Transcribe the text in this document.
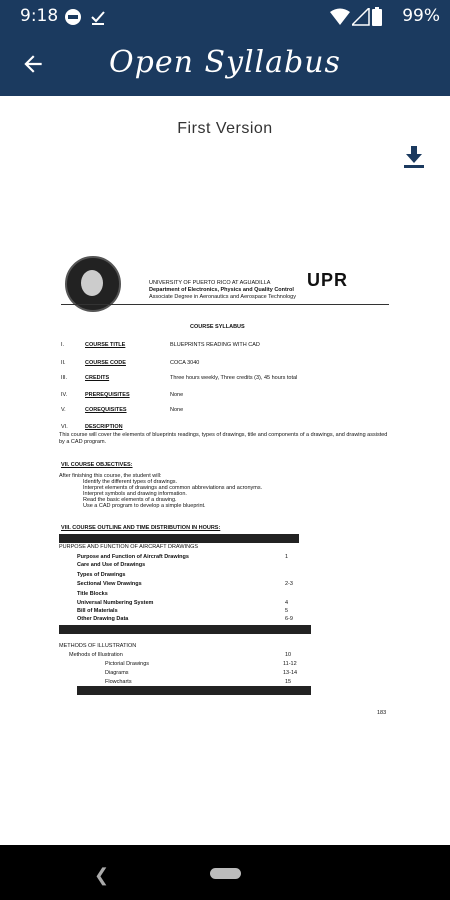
9:18	99%
Open Syllabus
First Version
UNIVERSITY OF PUERTO RICO AT AGUADILLA
Department of Electronics, Physics and Quality Control
Associate Degree in Aeronautics and Aerospace Technology
UPR
COURSE SYLLABUS
I.	COURSE TITLE	BLUEPRINTS READING WITH CAD
II.	COURSE CODE	COCA 3040
III.	CREDITS	Three hours weekly, Three credits (3), 45 hours total
IV.	PREREQUISITES	None
V.	COREQUISITES	None
VI.	DESCRIPTION
This course will cover the elements of blueprints readings, types of drawings, title and components of a drawings, and drawing assisted by a CAD program.
VII. COURSE OBJECTIVES:
After finishing this course, the student will:
Identify the different types of drawings.
Interpret elements of drawings and common abbreviations and acronyms.
Interpret symbols and drawing information.
Read the basic elements of a drawing.
Use a CAD program to develop a simple blueprint.
VIII. COURSE OUTLINE AND TIME DISTRIBUTION IN HOURS:
PURPOSE AND FUNCTION OF AIRCRAFT DRAWINGS
Purpose and Function of Aircraft Drawings	1
Care and Use of Drawings
Types of Drawings
Sectional View Drawings	2-3
Title Blocks
Universal Numbering System	4
Bill of Materials	5
Other Drawing Data	6-9
METHODS OF ILLUSTRATION
Methods of Illustration	10
Pictorial Drawings	11-12
Diagrams	13-14
Flowcharts	15
183
❮
